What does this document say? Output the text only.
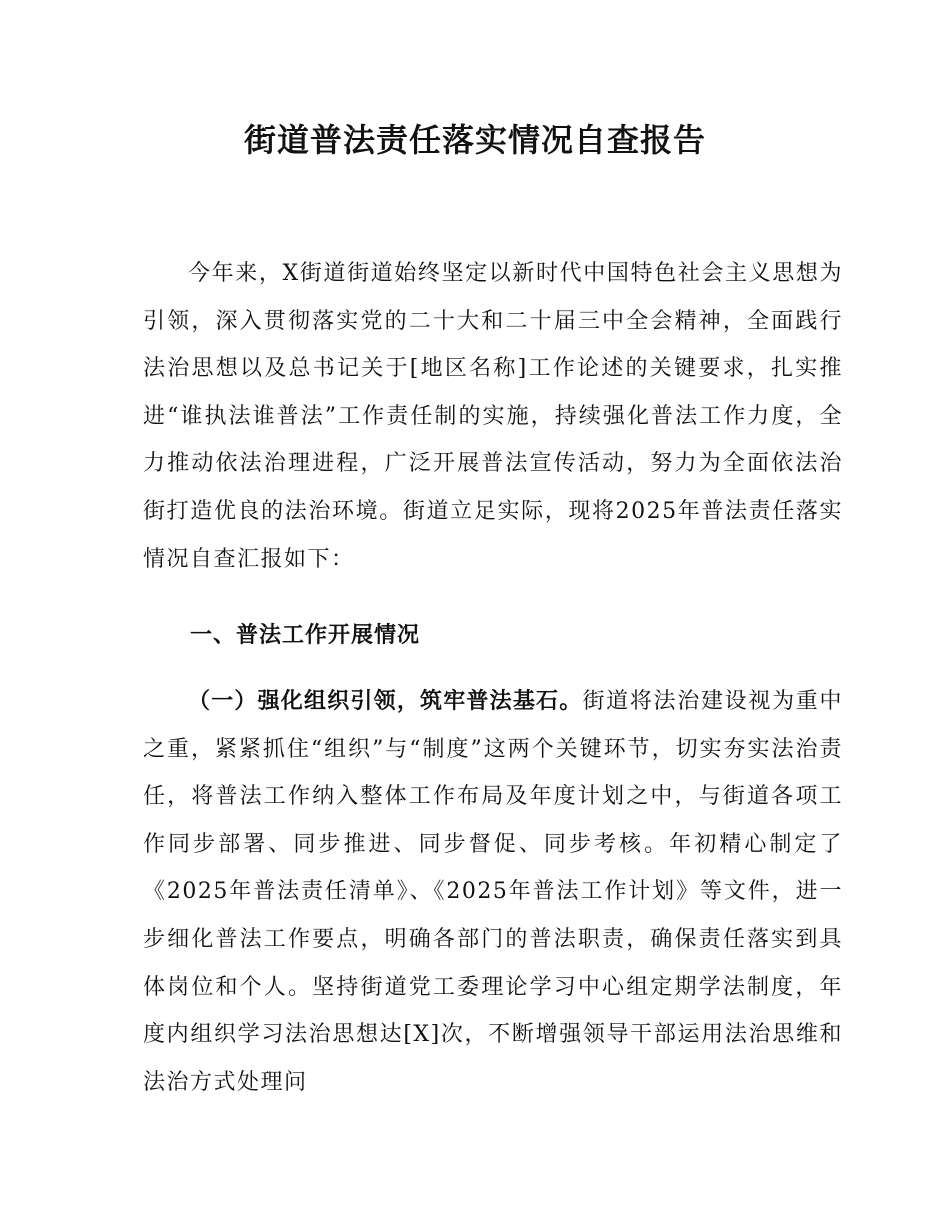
街道普法责任落实情况自查报告

今年来，X街道街道始终坚定以新时代中国特色社会主义思想为引领，深入贯彻落实党的二十大和二十届三中全会精神，全面践行法治思想以及总书记关于[地区名称]工作论述的关键要求，扎实推进“谁执法谁普法”工作责任制的实施，持续强化普法工作力度，全力推动依法治理进程，广泛开展普法宣传活动，努力为全面依法治街打造优良的法治环境。街道立足实际，现将2025年普法责任落实情况自查汇报如下：

一、普法工作开展情况

（一）强化组织引领，筑牢普法基石。街道将法治建设视为重中之重，紧紧抓住“组织”与“制度”这两个关键环节，切实夯实法治责任，将普法工作纳入整体工作布局及年度计划之中，与街道各项工作同步部署、同步推进、同步督促、同步考核。年初精心制定了《2025年普法责任清单》、《2025年普法工作计划》等文件，进一步细化普法工作要点，明确各部门的普法职责，确保责任落实到具体岗位和个人。坚持街道党工委理论学习中心组定期学法制度，年度内组织学习法治思想达[X]次，不断增强领导干部运用法治思维和法治方式处理问
